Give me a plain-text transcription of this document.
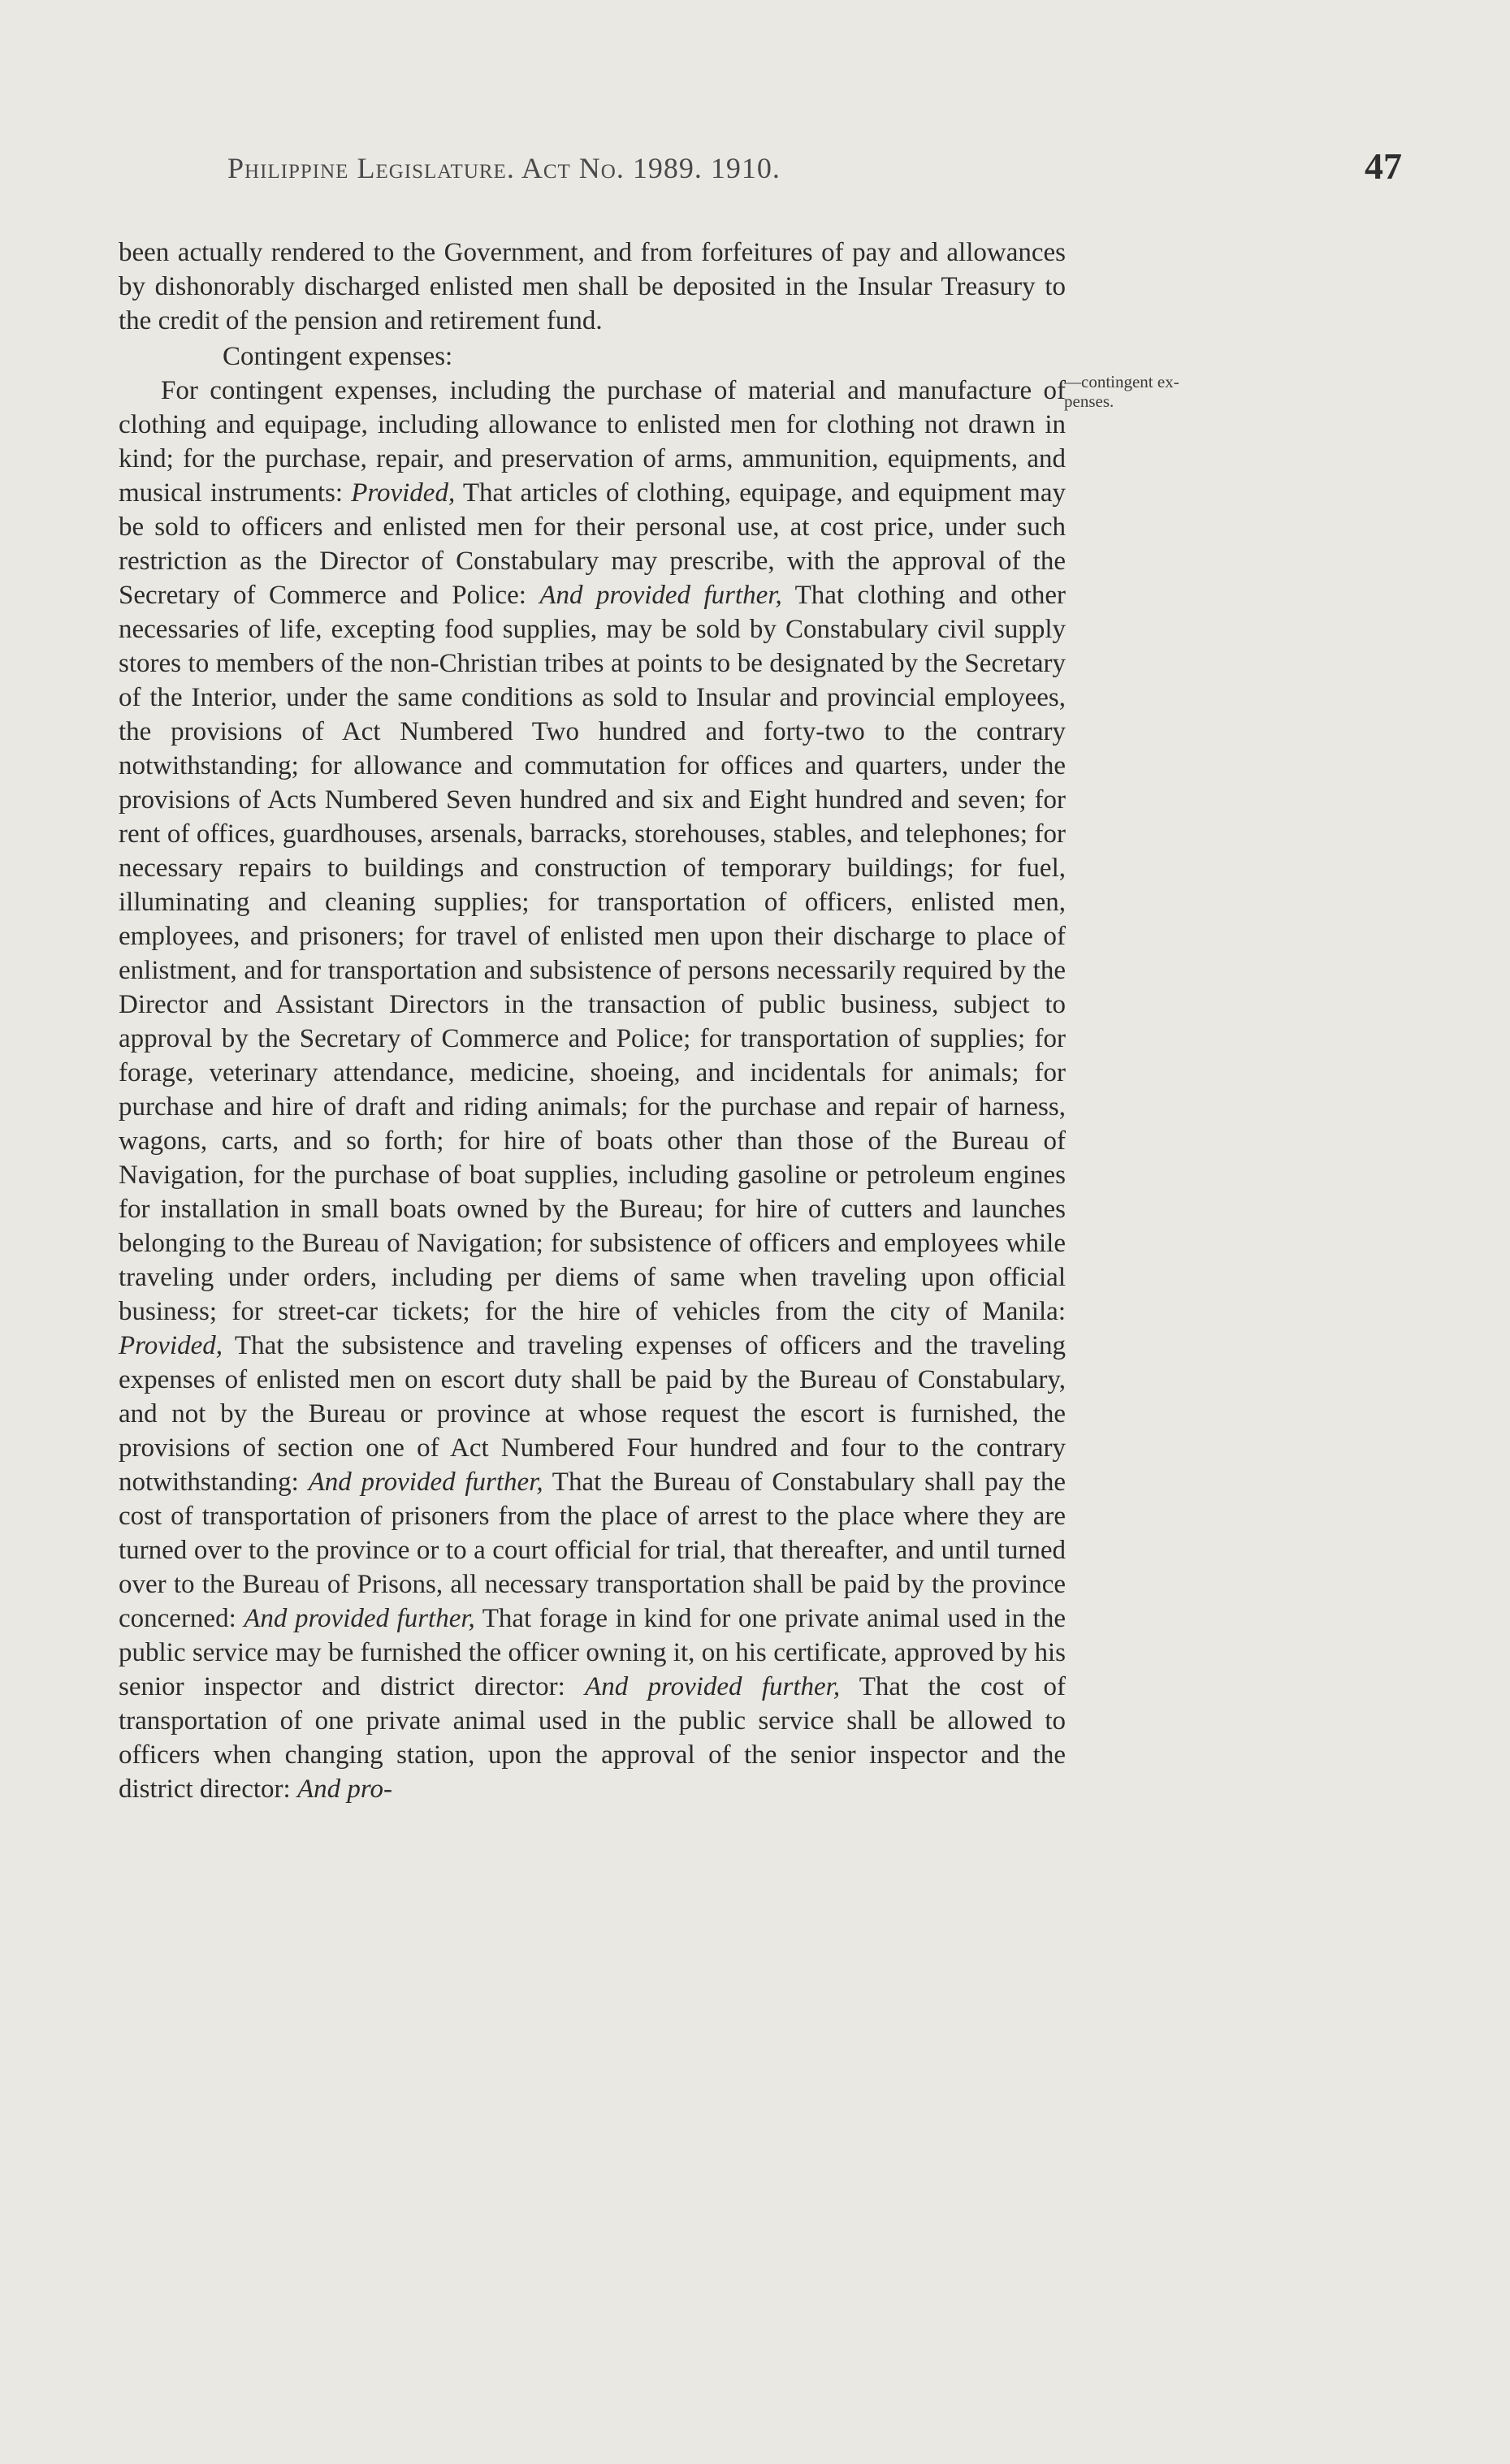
Philippine Legislature. Act No. 1989. 1910.	47
—contingent ex-
penses.

been actually rendered to the Government, and from forfeitures of pay and allowances by dishonorably discharged enlisted men shall be deposited in the Insular Treasury to the credit of the pension and retirement fund.

Contingent expenses:

For contingent expenses, including the purchase of material and manufacture of clothing and equipage, including allowance to enlisted men for clothing not drawn in kind; for the purchase, repair, and preservation of arms, ammunition, equipments, and musical instruments: Provided, That articles of clothing, equipage, and equipment may be sold to officers and enlisted men for their personal use, at cost price, under such restriction as the Director of Constabulary may prescribe, with the approval of the Secretary of Commerce and Police: And provided further, That clothing and other necessaries of life, excepting food supplies, may be sold by Constabulary civil supply stores to members of the non-Christian tribes at points to be designated by the Secretary of the Interior, under the same conditions as sold to Insular and provincial employees, the provisions of Act Numbered Two hundred and forty-two to the contrary notwithstanding; for allowance and commutation for offices and quarters, under the provisions of Acts Numbered Seven hundred and six and Eight hundred and seven; for rent of offices, guardhouses, arsenals, barracks, storehouses, stables, and telephones; for necessary repairs to buildings and construction of temporary buildings; for fuel, illuminating and cleaning supplies; for transportation of officers, enlisted men, employees, and prisoners; for travel of enlisted men upon their discharge to place of enlistment, and for transportation and subsistence of persons necessarily required by the Director and Assistant Directors in the transaction of public business, subject to approval by the Secretary of Commerce and Police; for transportation of supplies; for forage, veterinary attendance, medicine, shoeing, and incidentals for animals; for purchase and hire of draft and riding animals; for the purchase and repair of harness, wagons, carts, and so forth; for hire of boats other than those of the Bureau of Navigation, for the purchase of boat supplies, including gasoline or petroleum engines for installation in small boats owned by the Bureau; for hire of cutters and launches belonging to the Bureau of Navigation; for subsistence of officers and employees while traveling under orders, including per diems of same when traveling upon official business; for street-car tickets; for the hire of vehicles from the city of Manila: Provided, That the subsistence and traveling expenses of officers and the traveling expenses of enlisted men on escort duty shall be paid by the Bureau of Constabulary, and not by the Bureau or province at whose request the escort is furnished, the provisions of section one of Act Numbered Four hundred and four to the contrary notwithstanding: And provided further, That the Bureau of Constabulary shall pay the cost of transportation of prisoners from the place of arrest to the place where they are turned over to the province or to a court official for trial, that thereafter, and until turned over to the Bureau of Prisons, all necessary transportation shall be paid by the province concerned: And provided further, That forage in kind for one private animal used in the public service may be furnished the officer owning it, on his certificate, approved by his senior inspector and district director: And provided further, That the cost of transportation of one private animal used in the public service shall be allowed to officers when changing station, upon the approval of the senior inspector and the district director: And pro-
